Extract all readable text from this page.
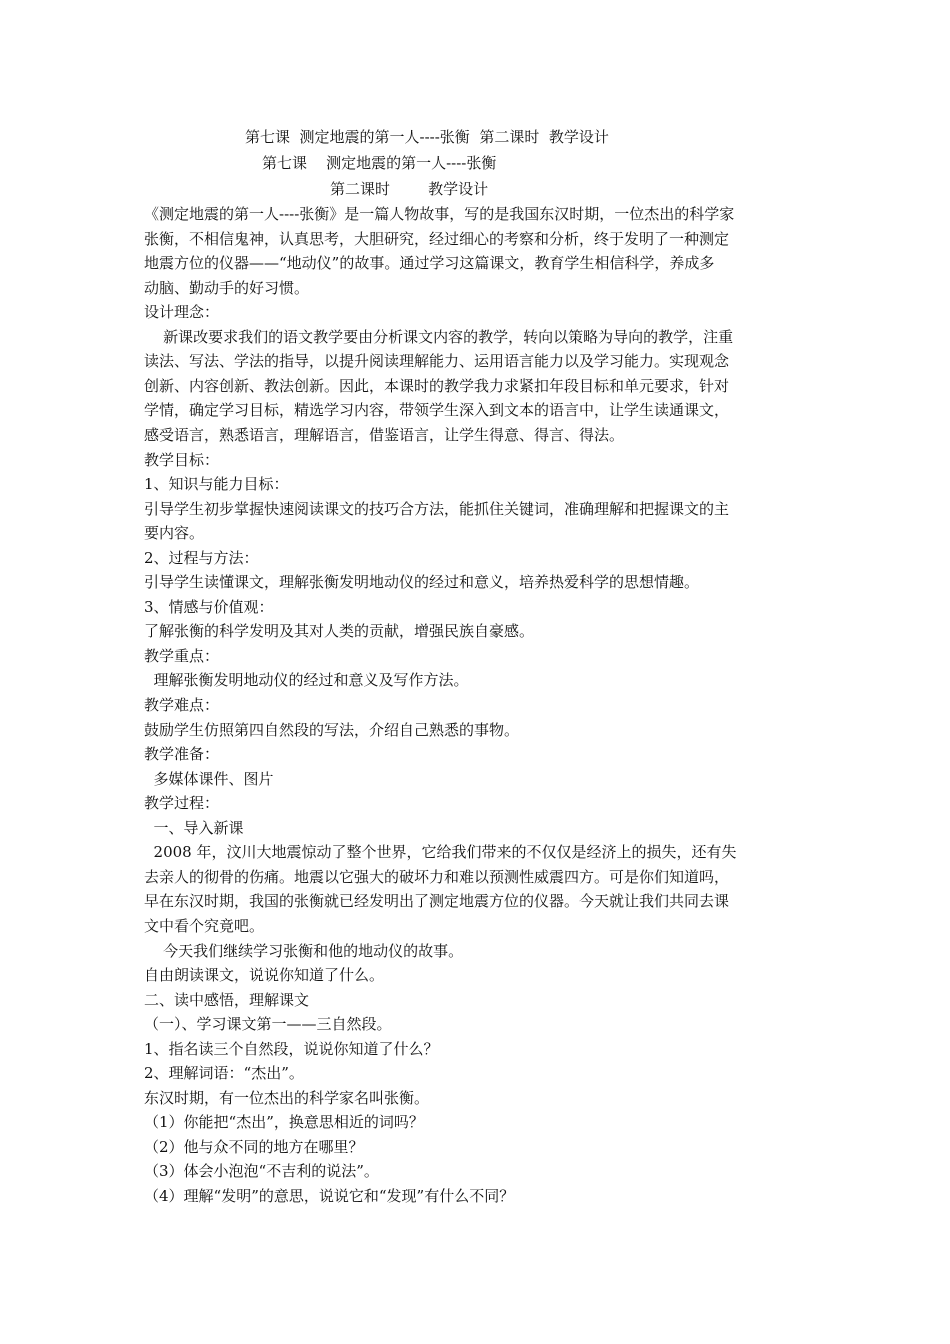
第七课  测定地震的第一人----张衡  第二课时  教学设计
第七课    测定地震的第一人----张衡
第二课时        教学设计
《测定地震的第一人----张衡》是一篇人物故事，写的是我国东汉时期，一位杰出的科学家
张衡，不相信鬼神，认真思考，大胆研究，经过细心的考察和分析，终于发明了一种测定
地震方位的仪器——“地动仪”的故事。通过学习这篇课文，教育学生相信科学，养成多
动脑、勤动手的好习惯。
设计理念：
新课改要求我们的语文教学要由分析课文内容的教学，转向以策略为导向的教学，注重
读法、写法、学法的指导，以提升阅读理解能力、运用语言能力以及学习能力。实现观念
创新、内容创新、教法创新。因此，本课时的教学我力求紧扣年段目标和单元要求，针对
学情，确定学习目标，精选学习内容，带领学生深入到文本的语言中，让学生读通课文，
感受语言，熟悉语言，理解语言，借鉴语言，让学生得意、得言、得法。
教学目标：
1、知识与能力目标：
引导学生初步掌握快速阅读课文的技巧合方法，能抓住关键词，准确理解和把握课文的主
要内容。
2、过程与方法：
引导学生读懂课文，理解张衡发明地动仪的经过和意义，培养热爱科学的思想情趣。
3、情感与价值观：
了解张衡的科学发明及其对人类的贡献，增强民族自豪感。
教学重点：
理解张衡发明地动仪的经过和意义及写作方法。
教学难点：
鼓励学生仿照第四自然段的写法，介绍自己熟悉的事物。
教学准备：
多媒体课件、图片
教学过程：
一、导入新课
2008 年，汶川大地震惊动了整个世界，它给我们带来的不仅仅是经济上的损失，还有失
去亲人的彻骨的伤痛。地震以它强大的破坏力和难以预测性威震四方。可是你们知道吗，
早在东汉时期，我国的张衡就已经发明出了测定地震方位的仪器。今天就让我们共同去课
文中看个究竟吧。
今天我们继续学习张衡和他的地动仪的故事。
自由朗读课文，说说你知道了什么。
二、读中感悟，理解课文
（一）、学习课文第一——三自然段。
1、指名读三个自然段，说说你知道了什么？
2、理解词语：“杰出”。
东汉时期，有一位杰出的科学家名叫张衡。
（1）你能把“杰出”，换意思相近的词吗？
（2）他与众不同的地方在哪里？
（3）体会小泡泡“不吉利的说法”。
（4）理解“发明”的意思，说说它和“发现”有什么不同？
